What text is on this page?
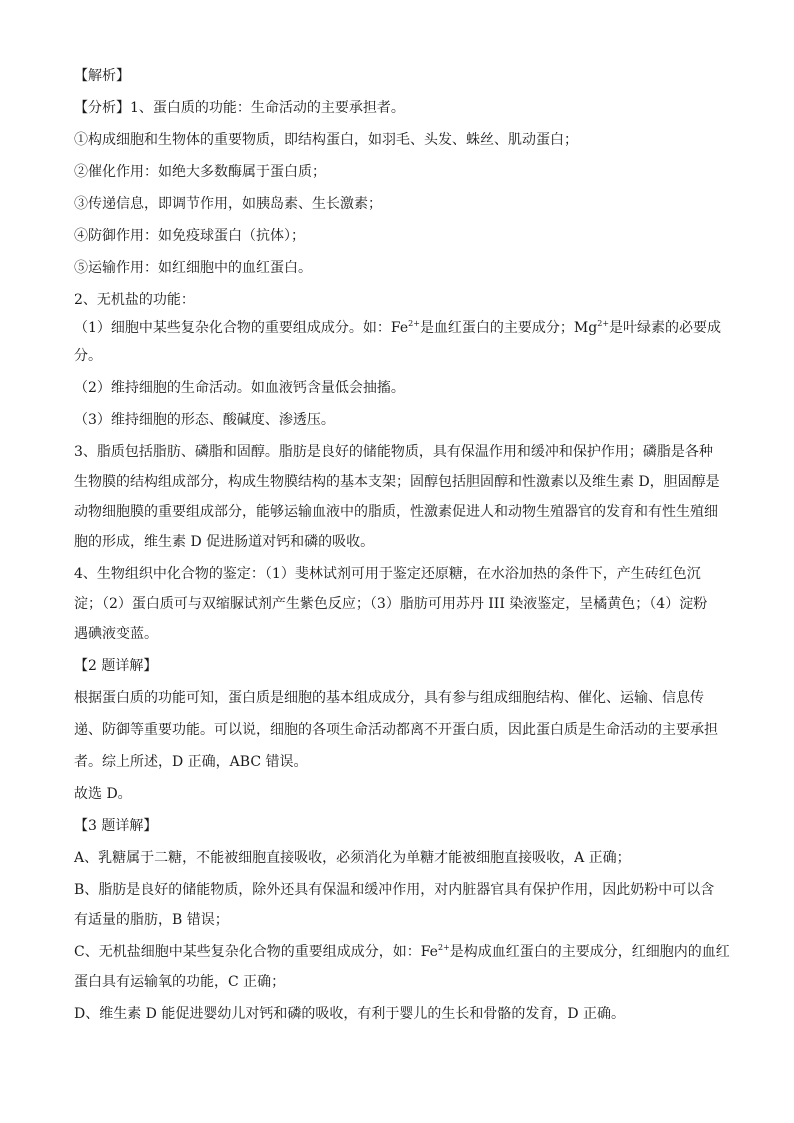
【解析】
【分析】1、蛋白质的功能：生命活动的主要承担者。
①构成细胞和生物体的重要物质，即结构蛋白，如羽毛、头发、蛛丝、肌动蛋白；
②催化作用：如绝大多数酶属于蛋白质；
③传递信息，即调节作用，如胰岛素、生长激素；
④防御作用：如免疫球蛋白（抗体）；
⑤运输作用：如红细胞中的血红蛋白。
2、无机盐的功能：
（1）细胞中某些复杂化合物的重要组成成分。如：$Fe^{2+}$是血红蛋白的主要成分；$Mg^{2+}$是叶绿素的必要成
分。
（2）维持细胞的生命活动。如血液钙含量低会抽搐。
（3）维持细胞的形态、酸碱度、渗透压。
3、脂质包括脂肪、磷脂和固醇。脂肪是良好的储能物质，具有保温作用和缓冲和保护作用；磷脂是各种
生物膜的结构组成部分，构成生物膜结构的基本支架；固醇包括胆固醇和性激素以及维生素 D，胆固醇是
动物细胞膜的重要组成部分，能够运输血液中的脂质，性激素促进人和动物生殖器官的发育和有性生殖细
胞的形成，维生素 D 促进肠道对钙和磷的吸收。
4、生物组织中化合物的鉴定：（1）斐林试剂可用于鉴定还原糖，在水浴加热的条件下，产生砖红色沉
淀；（2）蛋白质可与双缩脲试剂产生紫色反应；（3）脂肪可用苏丹 III 染液鉴定，呈橘黄色；（4）淀粉
遇碘液变蓝。
【2 题详解】
根据蛋白质的功能可知，蛋白质是细胞的基本组成成分，具有参与组成细胞结构、催化、运输、信息传
递、防御等重要功能。可以说，细胞的各项生命活动都离不开蛋白质，因此蛋白质是生命活动的主要承担
者。综上所述，D 正确，ABC 错误。
故选 D。
【3 题详解】
A、乳糖属于二糖，不能被细胞直接吸收，必须消化为单糖才能被细胞直接吸收，A 正确；
B、脂肪是良好的储能物质，除外还具有保温和缓冲作用，对内脏器官具有保护作用，因此奶粉中可以含
有适量的脂肪，B 错误；
C、无机盐细胞中某些复杂化合物的重要组成成分，如：$Fe^{2+}$是构成血红蛋白的主要成分，红细胞内的血红
蛋白具有运输氧的功能，C 正确；
D、维生素 D 能促进婴幼儿对钙和磷的吸收，有利于婴儿的生长和骨骼的发育，D 正确。
